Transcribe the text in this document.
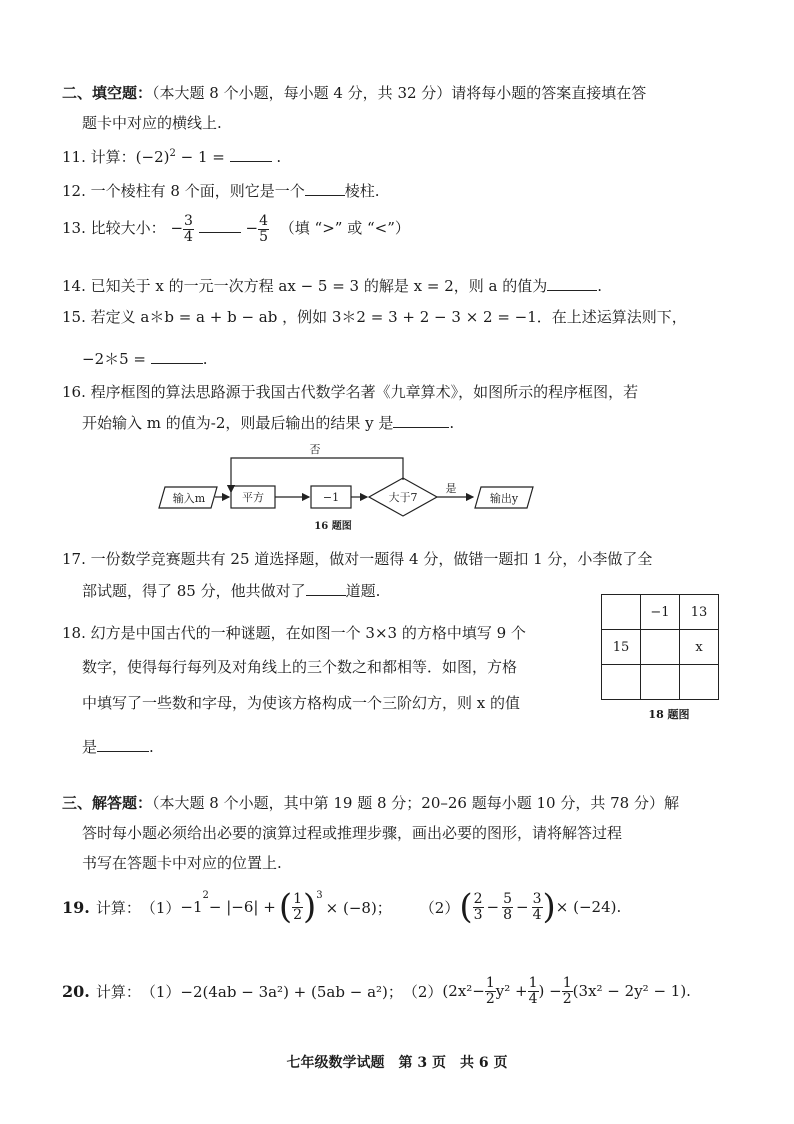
二、填空题：（本大题 8 个小题，每小题 4 分，共 32 分）请将每小题的答案直接填在答
题卡中对应的横线上.
11. 计算：$(-2)^2 - 1$ =	.
12. 一个棱柱有 8 个面，则它是一个	棱柱.
13. 比较大小： − $\frac{3}{4}$	− $\frac{4}{5}$ （填 “>” 或 “<”）
14. 已知关于 x 的一元一次方程 ax − 5 = 3 的解是 x = 2，则 a 的值为	.
15. 若定义 a＊b = a + b − ab ，例如 3＊2 = 3 + 2 − 3 × 2 = −1．在上述运算法则下，
−2＊5 =	.
16. 程序框图的算法思路源于我国古代数学名著《九章算术》，如图所示的程序框图，若
开始输入 m 的值为-2，则最后输出的结果 y 是	.
否
输入m	平方	−1	大于7
是
输出y
16 题图
17. 一份数学竞赛题共有 25 道选择题，做对一题得 4 分，做错一题扣 1 分，小李做了全
部试题，得了 85 分，他共做对了	道题.
18. 幻方是中国古代的一种谜题，在如图一个 3×3 的方格中填写 9 个
数字，使得每行每列及对角线上的三个数之和都相等．如图，方格
中填写了一些数和字母，为使该方格构成一个三阶幻方，则 x 的值
是	.
	−1	13
15		x

18 题图
三、解答题：（本大题 8 个小题，其中第 19 题 8 分；20–26 题每小题 10 分，共 78 分）解
答时每小题必须给出必要的演算过程或推理步骤，画出必要的图形，请将解答过程
书写在答题卡中对应的位置上.
19. 计算： （1） −1
$^2$
− |−6| + ( $\frac{1}{2} )^3$
× (−8)； （2） ( $\frac{2}{3} - \frac{5}{8} - \frac{3}{4}$ ) × (−24).
20. 计算： （1） −2(4ab − 3a²) + (5ab − a²)； （2） ($2x^2 - \frac{1}{2} y^2 + \frac{1}{4}$ ) − $\frac{1}{2} (3x^2 - 2y^2 - 1)$.
七年级数学试题　第 3 页　共 6 页
